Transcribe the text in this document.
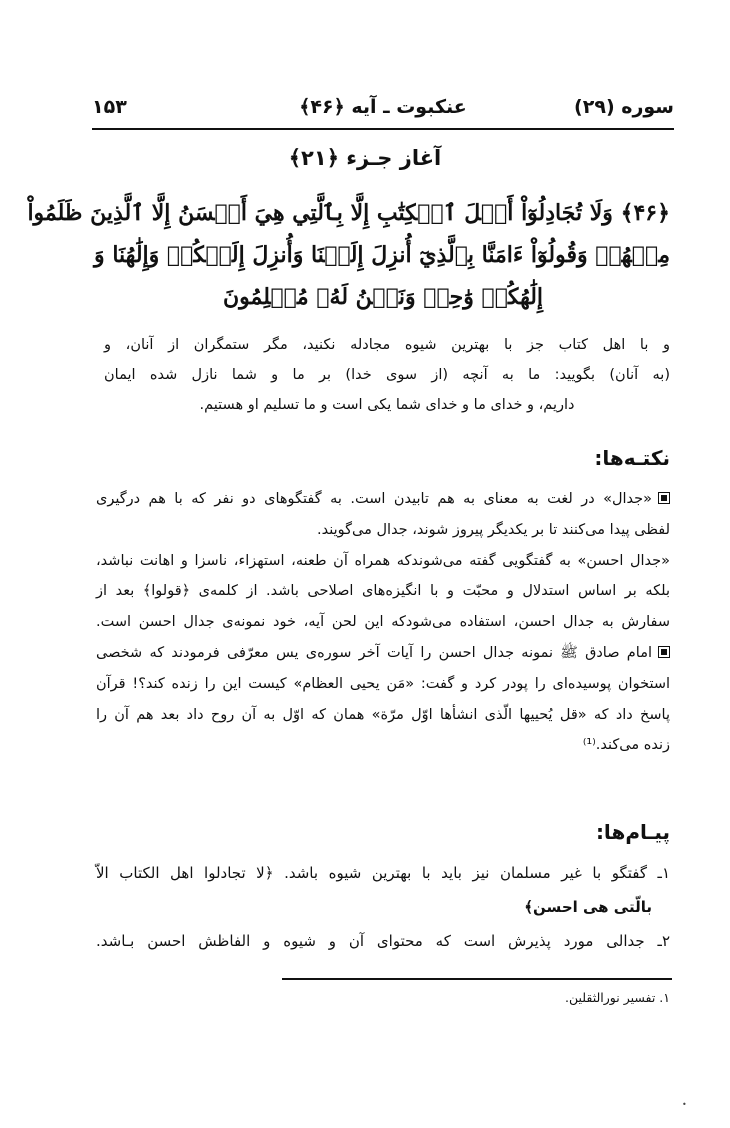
سوره (۲۹)
عنكبوت ـ آيه ﴿۴۶﴾
۱۵۳
آغاز جـزء ﴿۲۱﴾
﴿۴۶﴾ وَلَا تُجَادِلُوٓاْ أَهۡلَ ٱلۡكِتَٰبِ إِلَّا بِٱلَّتِي هِيَ أَحۡسَنُ إِلَّا ٱلَّذِينَ ظَلَمُواْ
مِنۡهُمۡ وَقُولُوٓاْ ءَامَنَّا بِٱلَّذِيٓ أُنزِلَ إِلَيۡنَا وَأُنزِلَ إِلَيۡكُمۡ وَإِلَٰهُنَا وَ
إِلَٰهُكُمۡ وَٰحِدٞ وَنَحۡنُ لَهُۥ مُسۡلِمُونَ
و با اهل كتاب جز با بهترين شيوه مجادله نكنيد، مگر ستمگران از آنان، و
(به آنان) بگوييد: ما به آنچه (از سوى خدا) بر ما و شما نازل شده ايمان
داريم، و خداى ما و خداى شما يكى است و ما تسليم او هستيم.
نكتـه‌ها:
«جدال» در لغت به معناى به هم تابيدن است. به گفتگوهاى دو نفر كه با هم درگيرى
لفظى پيدا مى‌كنند تا بر يكديگر پيروز شوند، جدال مى‌گويند.
«جدال احسن» به گفتگويى گفته مى‌شوندكه همراه آن طعنه، استهزاء، ناسزا و اهانت نباشد،
بلكه بر اساس استدلال و محبّت و با انگيزه‌هاى اصلاحى باشد. از كلمه‌ى ﴿قولوا﴾ بعد از
سفارش به جدال احسن، استفاده مى‌شودكه اين لحن آيه، خود نمونه‌ى جدال احسن است.
امام صادق ﷺ نمونه جدال احسن را آيات آخر سوره‌ى يس معرّفى فرمودند كه شخصى
استخوان پوسيده‌اى را پودر كرد و گفت: «مَن يحيى العظام» كيست اين را زنده كند؟! قرآن
پاسخ داد كه «قل يُحييها الّذى انشأها اوّل مرّة» همان كه اوّل به آن روح داد بعد هم آن را
زنده مى‌كند.⁽¹⁾
پيـام‌ها:
۱ـ گفتگو با غير مسلمان نيز بايد با بهترين شيوه باشد. ﴿لا تجادلوا اهل الكتاب الاّ
بالّتى هى احسن﴾
۲ـ جدالى مورد پذيرش است كه محتواى آن و شيوه و الفاظش احسن بـاشد.
۱. تفسير نورالثقلين.
•
